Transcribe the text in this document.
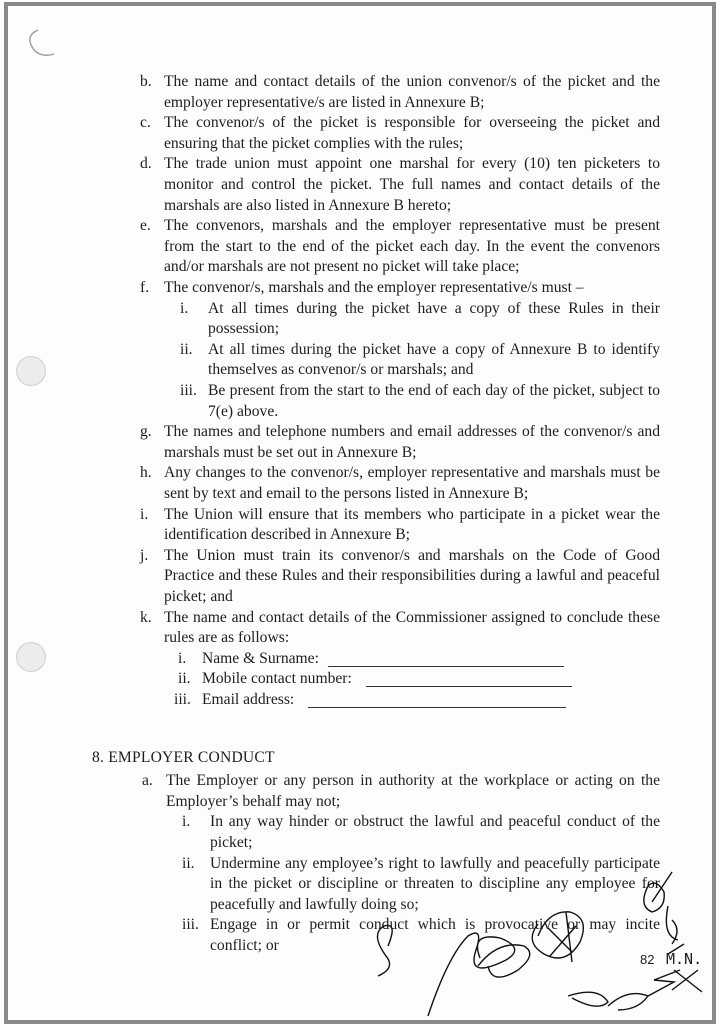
b. The name and contact details of the union convenor/s of the picket and the
employer representative/s are listed in Annexure B;
c. The convenor/s of the picket is responsible for overseeing the picket and
ensuring that the picket complies with the rules;
d. The trade union must appoint one marshal for every (10) ten picketers to
monitor and control the picket. The full names and contact details of the
marshals are also listed in Annexure B hereto;
e. The convenors, marshals and the employer representative must be present
from the start to the end of the picket each day. In the event the convenors
and/or marshals are not present no picket will take place;
f. The convenor/s, marshals and the employer representative/s must –
i. At all times during the picket have a copy of these Rules in their
possession;
ii. At all times during the picket have a copy of Annexure B to identify
themselves as convenor/s or marshals; and
iii. Be present from the start to the end of each day of the picket, subject to
7(e) above.
g. The names and telephone numbers and email addresses of the convenor/s and
marshals must be set out in Annexure B;
h. Any changes to the convenor/s, employer representative and marshals must be
sent by text and email to the persons listed in Annexure B;
i. The Union will ensure that its members who participate in a picket wear the
identification described in Annexure B;
j. The Union must train its convenor/s and marshals on the Code of Good
Practice and these Rules and their responsibilities during a lawful and peaceful
picket; and
k. The name and contact details of the Commissioner assigned to conclude these
rules are as follows:
i. Name & Surname:
ii. Mobile contact number:
iii. Email address:
8. EMPLOYER CONDUCT
a. The Employer or any person in authority at the workplace or acting on the
Employer’s behalf may not;
i. In any way hinder or obstruct the lawful and peaceful conduct of the
picket;
ii. Undermine any employee’s right to lawfully and peacefully participate
in the picket or discipline or threaten to discipline any employee for
peacefully and lawfully doing so;
iii. Engage in or permit conduct which is provocative or may incite
conflict; or
82 M.N.
